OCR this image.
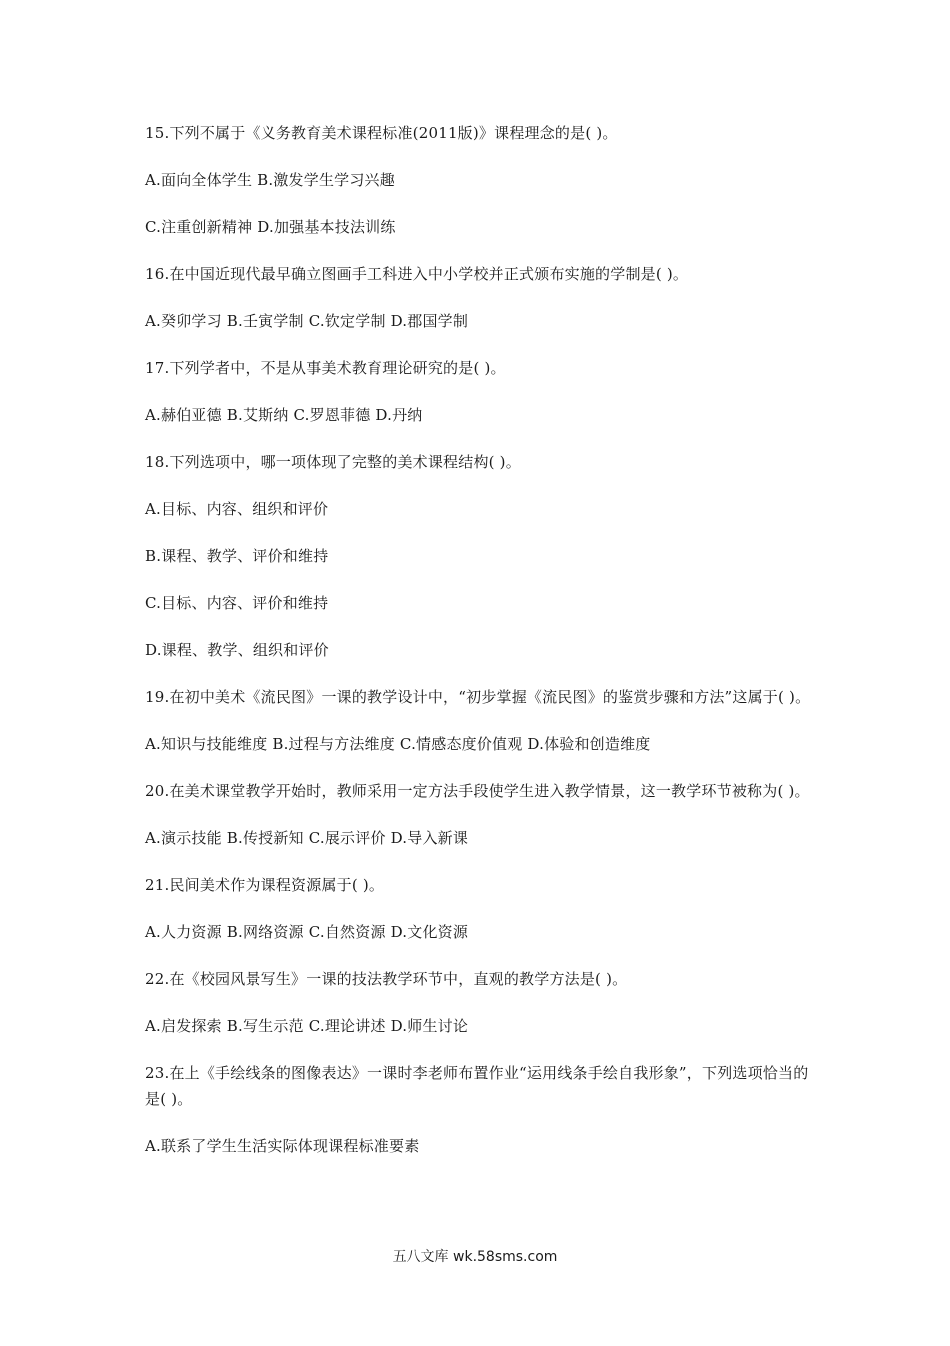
15.下列不属于《义务教育美术课程标准(2011版)》课程理念的是( )。

A.面向全体学生 B.激发学生学习兴趣

C.注重创新精神 D.加强基本技法训练

16.在中国近现代最早确立图画手工科进入中小学校并正式颁布实施的学制是( )。

A.癸卯学习 B.壬寅学制 C.钦定学制 D.郡国学制

17.下列学者中，不是从事美术教育理论研究的是( )。

A.赫伯亚德 B.艾斯纳 C.罗恩菲德 D.丹纳

18.下列选项中，哪一项体现了完整的美术课程结构( )。

A.目标、内容、组织和评价

B.课程、教学、评价和维持

C.目标、内容、评价和维持

D.课程、教学、组织和评价

19.在初中美术《流民图》一课的教学设计中，“初步掌握《流民图》的鉴赏步骤和方法”这属于( )。

A.知识与技能维度 B.过程与方法维度 C.情感态度价值观 D.体验和创造维度

20.在美术课堂教学开始时，教师采用一定方法手段使学生进入教学情景，这一教学环节被称为( )。

A.演示技能 B.传授新知 C.展示评价 D.导入新课

21.民间美术作为课程资源属于( )。

A.人力资源 B.网络资源 C.自然资源 D.文化资源

22.在《校园风景写生》一课的技法教学环节中，直观的教学方法是( )。

A.启发探索 B.写生示范 C.理论讲述 D.师生讨论

23.在上《手绘线条的图像表达》一课时李老师布置作业“运用线条手绘自我形象”，下列选项恰当的是( )。

A.联系了学生生活实际体现课程标准要素

五八文库 wk.58sms.com
